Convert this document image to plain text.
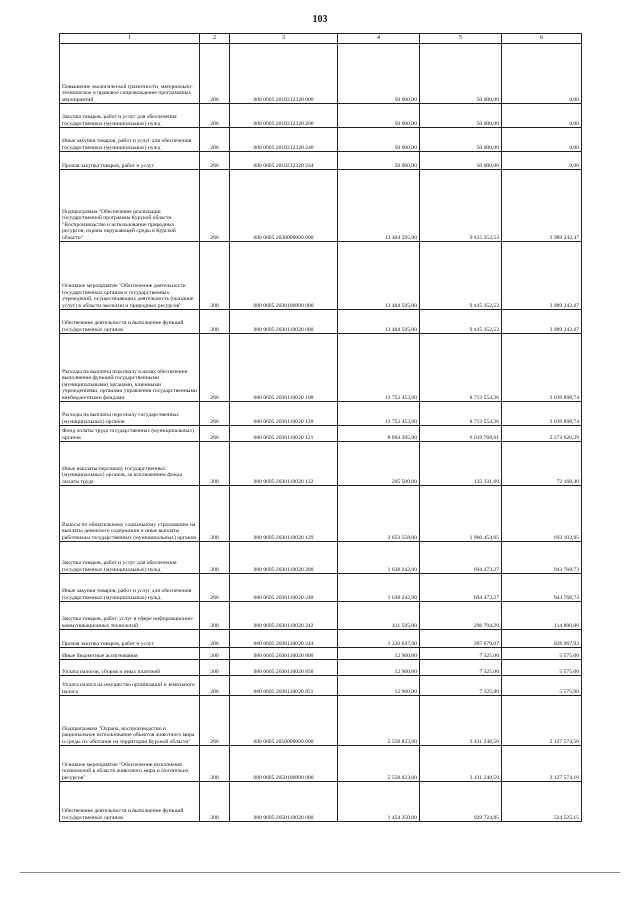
103
1	2	3	4	5	6
Повышение экологической грамотности, материально-техническое и правовое сопровождение программных мероприятий	200	000 0605 2010212320 000	50 000,00	50 000,00	0,00
Закупка товаров, работ и услуг для обеспечения государственных (муниципальных) нужд	200	000 0605 2010212320 200	50 000,00	50 000,00	0,00
Иные закупки товаров, работ и услуг для обеспечения государственных (муниципальных) нужд	200	000 0605 2010212320 240	50 000,00	50 000,00	0,00
Прочая закупка товаров, работ и услуг	200	000 0605 2010212320 244	50 000,00	50 000,00	0,00
Подпрограмма "Обеспечение реализации государственной программы Курской области "Воспроизводство и использование природных ресурсов, охрана окружающей среды в Курской области"	200	000 0605 2030000000 000	13 404 595,00	9 415 352,53	3 989 242,47
Основное мероприятие "Обеспечение деятельности государственных органов и государственных учреждений, осуществляющих деятельность (оказание услуг) в области экологии и природных ресурсов"	200	000 0605 2030100000 000	13 404 595,00	9 415 352,53	3 989 242,47
Обеспечение деятельности и выполнение функций государственных органов	200	000 0605 2030110020 000	13 404 595,00	9 415 352,53	3 989 242,47
Расходы на выплаты персоналу в целях обеспечения выполнения функций государственными (муниципальными) органами, казенными учреждениями, органами управления государственными внебюджетными фондами	200	000 0605 2030110020 100	11 753 453,00	8 713 554,26	3 039 898,74
Расходы на выплаты персоналу государственных (муниципальных) органов	200	000 0605 2030110020 120	11 753 453,00	8 713 554,26	3 039 898,74
Фонд оплаты труда государственных (муниципальных) органов	200	000 0605 2030110020 121	8 894 395,00	6 619 768,61	2 274 626,39
Иные выплаты персоналу государственных (муниципальных) органов, за исключением фонда оплаты труда	200	000 0605 2030110020 122	205 500,00	135 331,60	72 168,40
Взносы по обязательному социальному страхованию на выплаты денежного содержания и иные выплаты работникам государственных (муниципальных) органов	200	000 0605 2030110020 129	2 653 558,00	1 960 454,05	693 103,95
Закупка товаров, работ и услуг для обеспечения государственных (муниципальных) нужд	200	000 0605 2030110020 200	1 638 242,00	694 473,27	943 768,73
Иные закупки товаров, работ и услуг для обеспечения государственных (муниципальных) нужд	200	000 0605 2030110020 240	1 638 242,00	694 473,27	943 768,73
Закупка товаров, работ, услуг в сфере информационно-коммуникационных технологий	200	000 0605 2030110020 242	411 595,00	296 794,20	114 800,80
Прочая закупка товаров, работ и услуг	200	000 0605 2030110020 244	1 226 647,00	397 679,07	828 967,93
Иные бюджетные ассигнования	200	000 0605 2030110020 800	12 900,00	7 325,00	5 575,00
Уплата налогов, сборов и иных платежей	200	000 0605 2030110020 850	12 900,00	7 325,00	5 575,00
Уплата налога на имущество организаций и земельного налога	200	000 0605 2030110020 851	12 900,00	7 325,00	5 575,00
Подпрограмма "Охрана, воспроизводство и рациональное использование объектов животного мира и среды их обитания на территории Курской области"	200	000 0605 2050000000 000	5 558 823,00	3 431 248,50	2 127 574,50
Основное мероприятие "Обеспечение исполнения полномочий в области животного мира и охотничьих ресурсов"	200	000 0605 2050100000 000	5 558 823,00	3 431 248,50	2 127 574,10
Обеспечение деятельности и выполнение функций государственных органов	200	000 0605 2050110020 000	1 454 250,00	929 724,85	524 525,15
